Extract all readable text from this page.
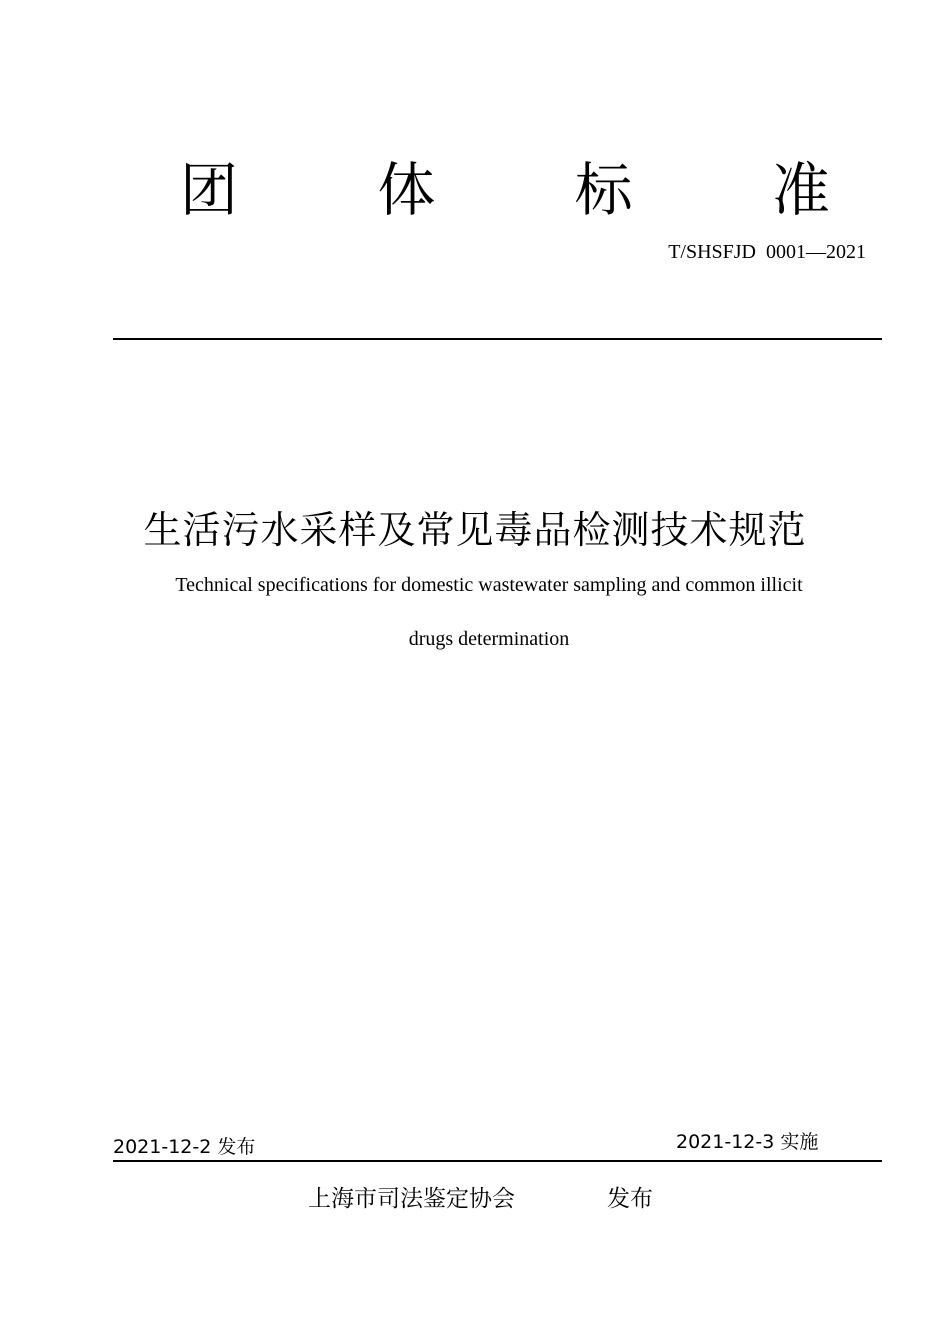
团 体 标 准
T/SHSFJD  0001—2021
生活污水采样及常见毒品检测技术规范
Technical specifications for domestic wastewater sampling and common illicit
drugs determination
2021-12-2 发布	2021-12-3 实施
上海市司法鉴定协会	发布
